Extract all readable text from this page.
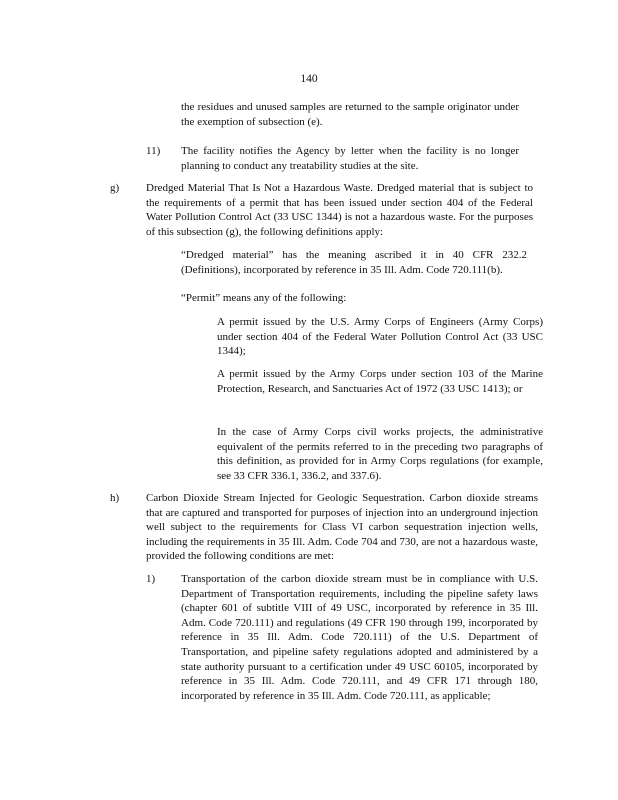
140
the residues and unused samples are returned to the sample originator under the exemption of subsection (e).
11) The facility notifies the Agency by letter when the facility is no longer planning to conduct any treatability studies at the site.
g) Dredged Material That Is Not a Hazardous Waste. Dredged material that is subject to the requirements of a permit that has been issued under section 404 of the Federal Water Pollution Control Act (33 USC 1344) is not a hazardous waste. For the purposes of this subsection (g), the following definitions apply:
“Dredged material” has the meaning ascribed it in 40 CFR 232.2 (Definitions), incorporated by reference in 35 Ill. Adm. Code 720.111(b).
“Permit” means any of the following:
A permit issued by the U.S. Army Corps of Engineers (Army Corps) under section 404 of the Federal Water Pollution Control Act (33 USC 1344);
A permit issued by the Army Corps under section 103 of the Marine Protection, Research, and Sanctuaries Act of 1972 (33 USC 1413); or
In the case of Army Corps civil works projects, the administrative equivalent of the permits referred to in the preceding two paragraphs of this definition, as provided for in Army Corps regulations (for example, see 33 CFR 336.1, 336.2, and 337.6).
h) Carbon Dioxide Stream Injected for Geologic Sequestration. Carbon dioxide streams that are captured and transported for purposes of injection into an underground injection well subject to the requirements for Class VI carbon sequestration injection wells, including the requirements in 35 Ill. Adm. Code 704 and 730, are not a hazardous waste, provided the following conditions are met:
1) Transportation of the carbon dioxide stream must be in compliance with U.S. Department of Transportation requirements, including the pipeline safety laws (chapter 601 of subtitle VIII of 49 USC, incorporated by reference in 35 Ill. Adm. Code 720.111) and regulations (49 CFR 190 through 199, incorporated by reference in 35 Ill. Adm. Code 720.111) of the U.S. Department of Transportation, and pipeline safety regulations adopted and administered by a state authority pursuant to a certification under 49 USC 60105, incorporated by reference in 35 Ill. Adm. Code 720.111, and 49 CFR 171 through 180, incorporated by reference in 35 Ill. Adm. Code 720.111, as applicable;
